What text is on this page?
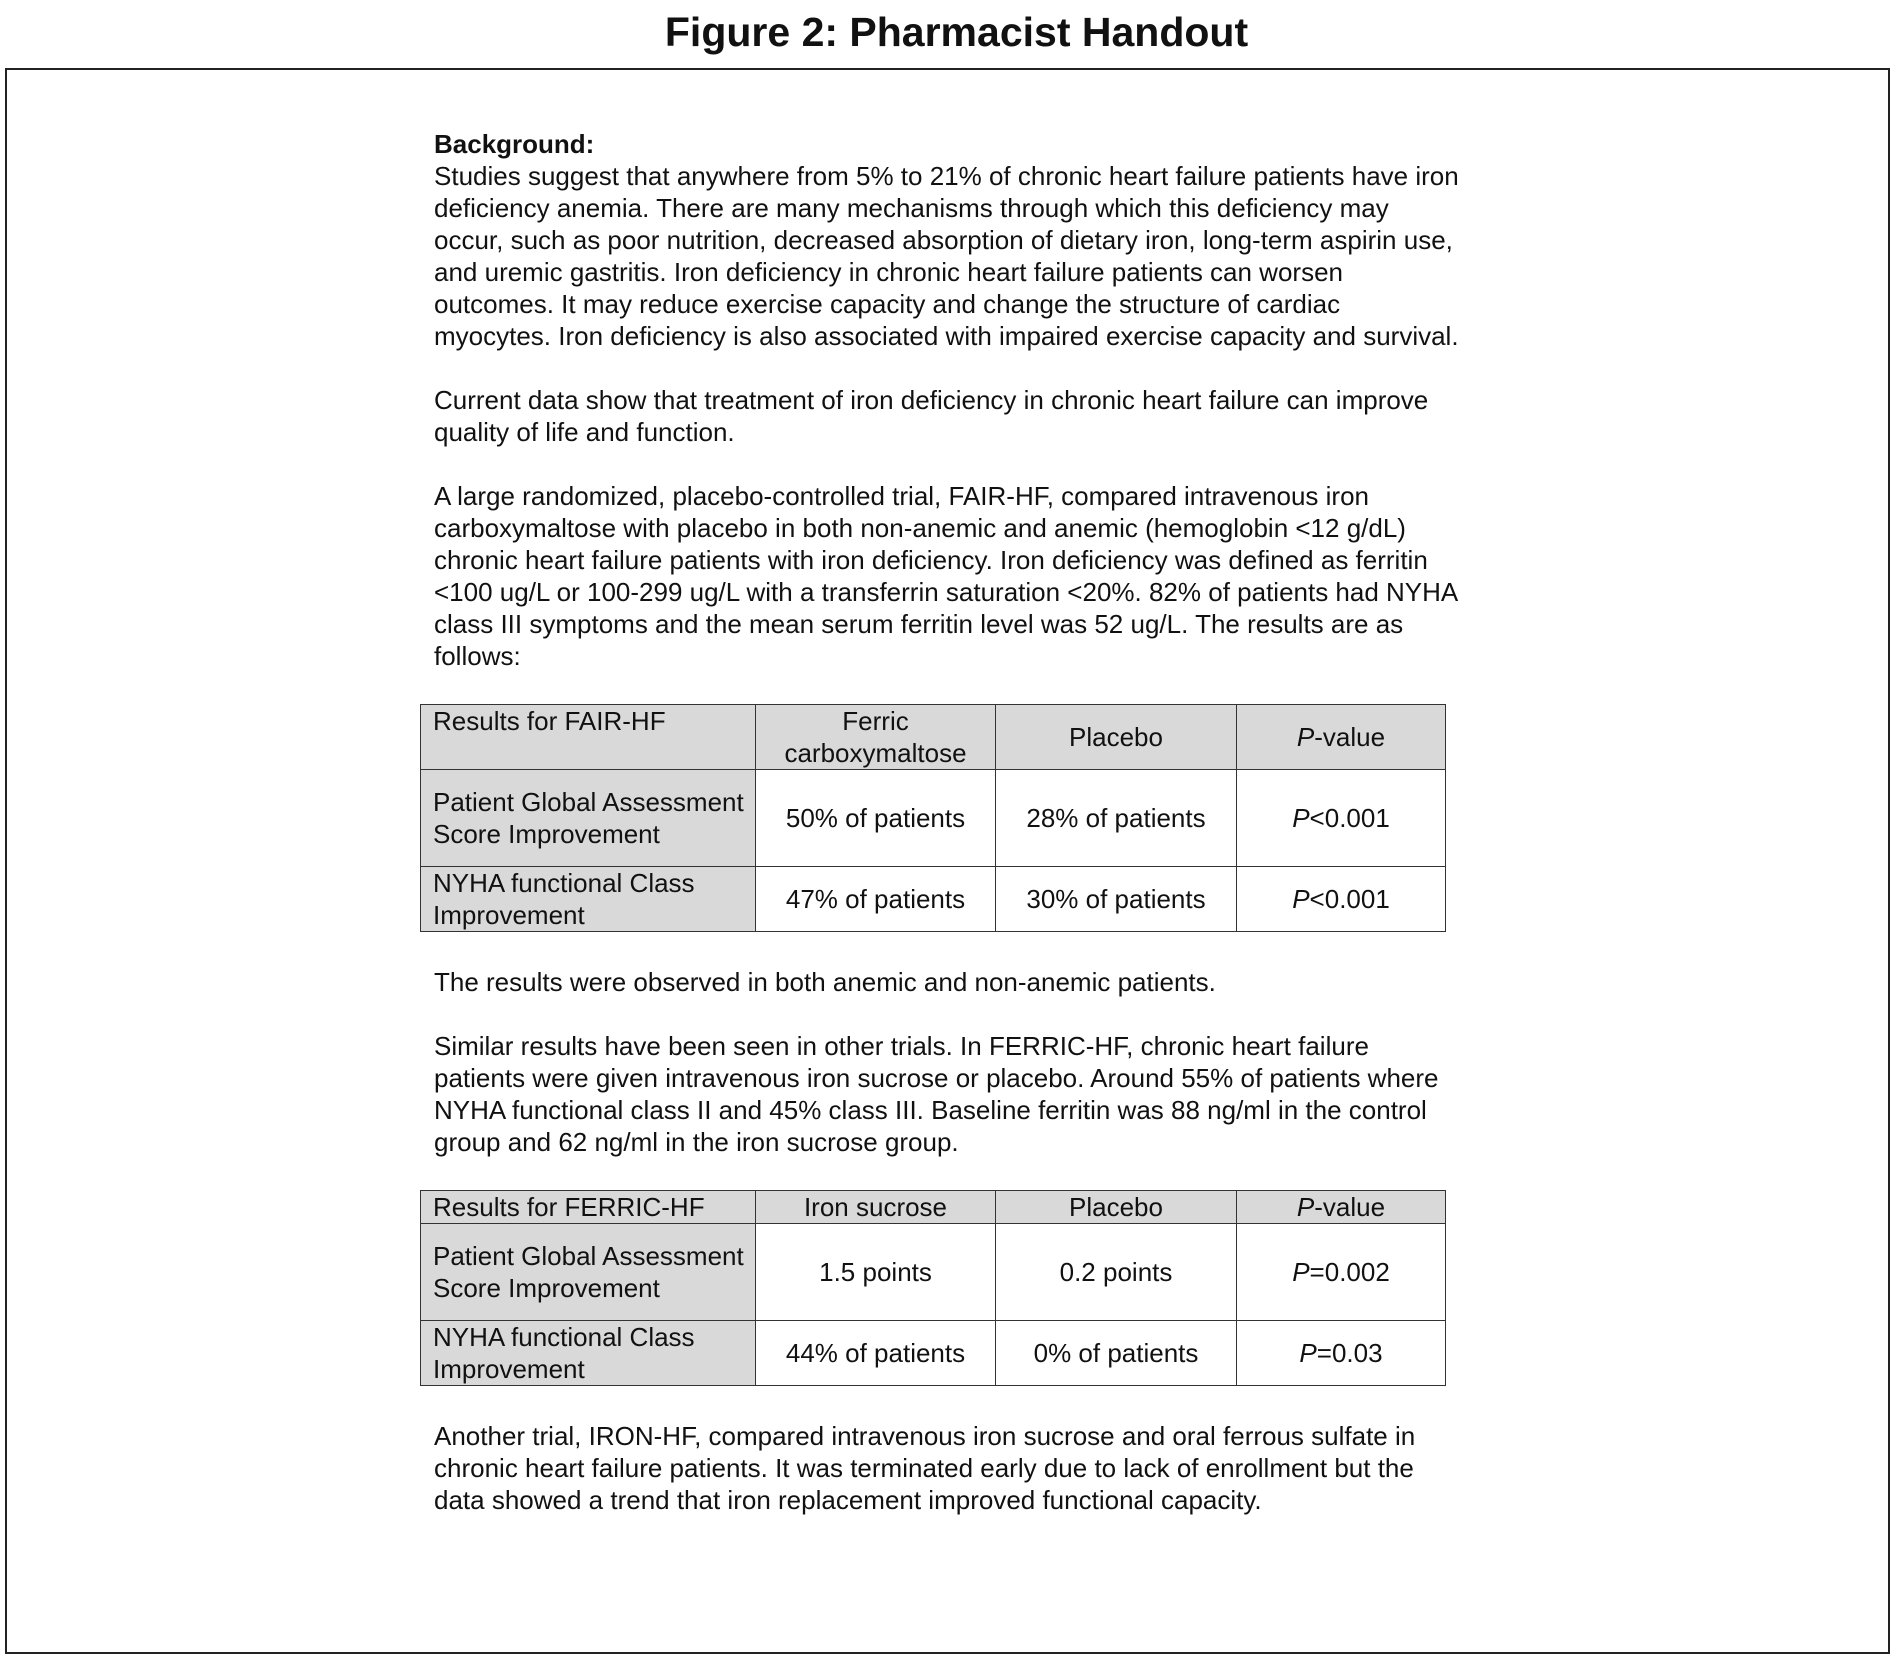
Figure 2: Pharmacist Handout

Background:

Studies suggest that anywhere from 5% to 21% of chronic heart failure patients have iron deficiency anemia. There are many mechanisms through which this deficiency may occur, such as poor nutrition, decreased absorption of dietary iron, long-term aspirin use, and uremic gastritis. Iron deficiency in chronic heart failure patients can worsen outcomes. It may reduce exercise capacity and change the structure of cardiac myocytes. Iron deficiency is also associated with impaired exercise capacity and survival.

Current data show that treatment of iron deficiency in chronic heart failure can improve quality of life and function.

A large randomized, placebo-controlled trial, FAIR-HF, compared intravenous iron carboxymaltose with placebo in both non-anemic and anemic (hemoglobin <12 g/dL) chronic heart failure patients with iron deficiency. Iron deficiency was defined as ferritin <100 ug/L or 100-299 ug/L with a transferrin saturation <20%. 82% of patients had NYHA class III symptoms and the mean serum ferritin level was 52 ug/L. The results are as follows:

Results for FAIR-HF	Ferric carboxymaltose	Placebo	P-value
Patient Global Assessment Score Improvement	50% of patients	28% of patients	P<0.001
NYHA functional Class Improvement	47% of patients	30% of patients	P<0.001

The results were observed in both anemic and non-anemic patients.

Similar results have been seen in other trials. In FERRIC-HF, chronic heart failure patients were given intravenous iron sucrose or placebo. Around 55% of patients where NYHA functional class II and 45% class III. Baseline ferritin was 88 ng/ml in the control group and 62 ng/ml in the iron sucrose group.

Results for FERRIC-HF	Iron sucrose	Placebo	P-value
Patient Global Assessment Score Improvement	1.5 points	0.2 points	P=0.002
NYHA functional Class Improvement	44% of patients	0% of patients	P=0.03

Another trial, IRON-HF, compared intravenous iron sucrose and oral ferrous sulfate in chronic heart failure patients. It was terminated early due to lack of enrollment but the data showed a trend that iron replacement improved functional capacity.
